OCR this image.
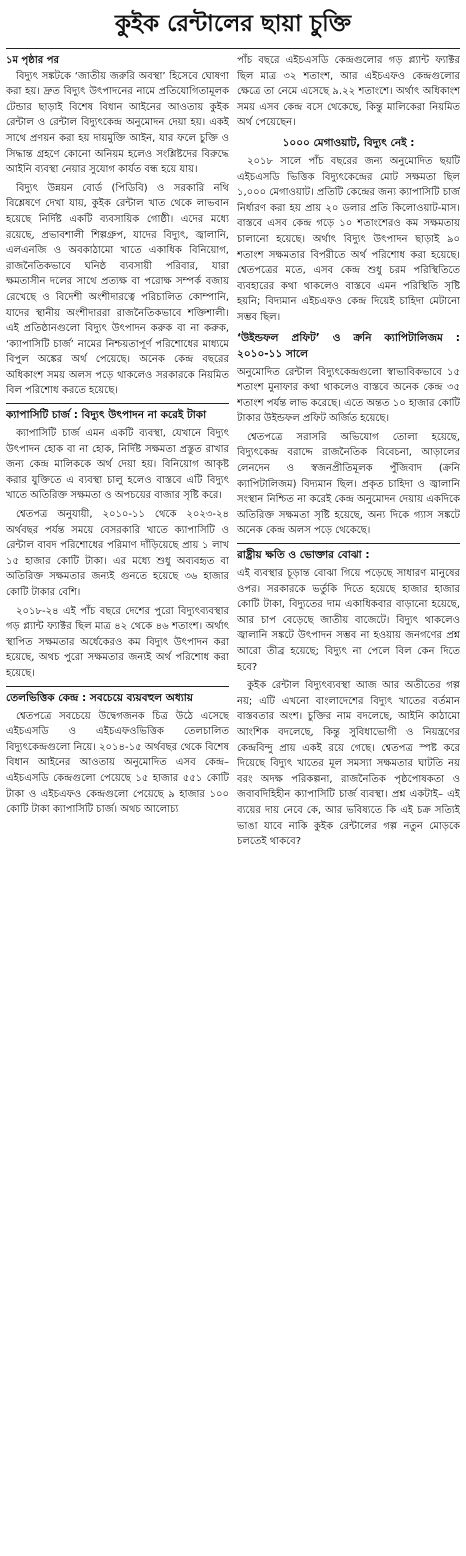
কুইক রেন্টালের ছায়া চুক্তি
১ম পৃষ্ঠার পর

বিদ্যুৎ সঙ্কটকে ‘জাতীয় জরুরি অবস্থা’ হিসেবে ঘোষণা করা হয়। দ্রুত বিদ্যুৎ উৎপাদনের নামে প্রতিযোগিতামূলক টেন্ডার ছাড়াই বিশেষ বিধান আইনের আওতায় কুইক রেন্টাল ও রেন্টাল বিদ্যুৎকেন্দ্র অনুমোদন দেয়া হয়। একই সাথে প্রণয়ন করা হয় দায়মুক্তি আইন, যার ফলে চুক্তি ও সিদ্ধান্ত গ্রহণে কোনো অনিয়ম হলেও সংশ্লিষ্টদের বিরুদ্ধে আইনি ব্যবস্থা নেয়ার সুযোগ কার্যত বন্ধ হয়ে যায়।

বিদ্যুৎ উন্নয়ন বোর্ড (পিডিবি) ও সরকারি নথি বিশ্লেষণে দেখা যায়, কুইক রেন্টাল খাত থেকে লাভবান হয়েছে নির্দিষ্ট একটি ব্যবসায়িক গোষ্ঠী। এদের মধ্যে রয়েছে, প্রভাবশালী শিল্পগ্রুপ, যাদের বিদ্যুৎ, জ্বালানি, এলএনজি ও অবকাঠামো খাতে একাধিক বিনিয়োগ, রাজনৈতিকভাবে ঘনিষ্ঠ ব্যবসায়ী পরিবার, যারা ক্ষমতাসীন দলের সাথে প্রত্যক্ষ বা পরোক্ষ সম্পর্ক বজায় রেখেছে ও বিদেশী অংশীদারত্বে পরিচালিত কোম্পানি, যাদের স্থানীয় অংশীদাররা রাজনৈতিকভাবে শক্তিশালী। এই প্রতিষ্ঠানগুলো বিদ্যুৎ উৎপাদন করুক বা না করুক, ‘ক্যাপাসিটি চার্জ’ নামের নিশ্চয়তাপূর্ণ পরিশোধের মাধ্যমে বিপুল অঙ্কের অর্থ পেয়েছে। অনেক কেন্দ্র বছরের অধিকাংশ সময় অলস পড়ে থাকলেও সরকারকে নিয়মিত বিল পরিশোধ করতে হয়েছে।

ক্যাপাসিটি চার্জ : বিদ্যুৎ উৎপাদন না করেই টাকা

ক্যাপাসিটি চার্জ এমন একটি ব্যবস্থা, যেখানে বিদ্যুৎ উৎপাদন হোক বা না হোক, নির্দিষ্ট সক্ষমতা প্রস্তুত রাখার জন্য কেন্দ্র মালিককে অর্থ দেয়া হয়। বিনিয়োগ আকৃষ্ট করার যুক্তিতে এ ব্যবস্থা চালু হলেও বাস্তবে এটি বিদ্যুৎ খাতে অতিরিক্ত সক্ষমতা ও অপচয়ের বাজার সৃষ্টি করে।

শ্বেতপত্র অনুযায়ী, ২০১০-১১ থেকে ২০২৩-২৪ অর্থবছর পর্যন্ত সময়ে বেসরকারি খাতে ক্যাপাসিটি ও রেন্টাল বাবদ পরিশোধের পরিমাণ দাঁড়িয়েছে প্রায় ১ লাখ ১৫ হাজার কোটি টাকা। এর মধ্যে শুধু অব্যবহৃত বা অতিরিক্ত সক্ষমতার জন্যই গুনতে হয়েছে ৩৬ হাজার কোটি টাকার বেশি।

২০১৮-২৪ এই পাঁচ বছরে দেশের পুরো বিদ্যুৎব্যবস্থার গড় প্ল্যান্ট ফ্যাক্টর ছিল মাত্র ৪২ থেকে ৪৬ শতাংশ। অর্থাৎ স্থাপিত সক্ষমতার অর্ধেকেরও কম বিদ্যুৎ উৎপাদন করা হয়েছে, অথচ পুরো সক্ষমতার জন্যই অর্থ পরিশোধ করা হয়েছে।

তেলভিত্তিক কেন্দ্র : সবচেয়ে ব্যয়বহুল অধ্যায়

শ্বেতপত্রে সবচেয়ে উদ্বেগজনক চিত্র উঠে এসেছে এইচএসডি ও এইচএফওভিত্তিক তেলচালিত বিদ্যুৎকেন্দ্রগুলো নিয়ে। ২০১৪-১৫ অর্থবছর থেকে বিশেষ বিধান আইনের আওতায় অনুমোদিত এসব কেন্দ্র–এইচএসডি কেন্দ্রগুলো পেয়েছে ১৫ হাজার ৫৫১ কোটি টাকা ও এইচএফও কেন্দ্রগুলো পেয়েছে ৯ হাজার ১০০ কোটি টাকা ক্যাপাসিটি চার্জ। অথচ আলোচ্য

পাঁচ বছরে এইচএসডি কেন্দ্রগুলোর গড় প্ল্যান্ট ফ্যাক্টর ছিল মাত্র ৩২ শতাংশ, আর এইচএফও কেন্দ্রগুলোর ক্ষেত্রে তা নেমে এসেছে ৯.২২ শতাংশে। অর্থাৎ অধিকাংশ সময় এসব কেন্দ্র বসে থেকেছে, কিন্তু মালিকেরা নিয়মিত অর্থ পেয়েছেন।

১০০০ মেগাওয়াট, বিদ্যুৎ নেই :

২০১৮ সালে পাঁচ বছরের জন্য অনুমোদিত ছয়টি এইচএসডি ভিত্তিক বিদ্যুৎকেন্দ্রের মোট সক্ষমতা ছিল ১,০০০ মেগাওয়াট। প্রতিটি কেন্দ্রের জন্য ক্যাপাসিটি চার্জ নির্ধারণ করা হয় প্রায় ২০ ডলার প্রতি কিলোওয়াট-মাস। বাস্তবে এসব কেন্দ্র গড়ে ১০ শতাংশেরও কম সক্ষমতায় চালানো হয়েছে। অর্থাৎ বিদ্যুৎ উৎপাদন ছাড়াই ৯০ শতাংশ সক্ষমতার বিপরীতে অর্থ পরিশোধ করা হয়েছে। শ্বেতপত্রের মতে, এসব কেন্দ্র শুধু চরম পরিস্থিতিতে ব্যবহারের কথা থাকলেও বাস্তবে এমন পরিস্থিতি সৃষ্টি হয়নি; বিদ্যমান এইচএফও কেন্দ্র দিয়েই চাহিদা মেটানো সম্ভব ছিল।

‘উইন্ডফল প্রফিট’ ও ক্রনি ক্যাপিটালিজম : ২০১০-১১ সালে

অনুমোদিত রেন্টাল বিদ্যুৎকেন্দ্রগুলো স্বাভাবিকভাবে ১৫ শতাংশ মুনাফার কথা থাকলেও বাস্তবে অনেক কেন্দ্র ৩৫ শতাংশ পর্যন্ত লাভ করেছে। এতে অন্তত ১০ হাজার কোটি টাকার উইন্ডফল প্রফিট অর্জিত হয়েছে।

শ্বেতপত্রে সরাসরি অভিযোগ তোলা হয়েছে, বিদ্যুৎকেন্দ্র বরাদ্দে রাজনৈতিক বিবেচনা, আড়ালের লেনদেন ও স্বজনপ্রীতিমূলক পুঁজিবাদ (ক্রনি ক্যাপিটালিজম) বিদ্যমান ছিল। প্রকৃত চাহিদা ও জ্বালানি সংস্থান নিশ্চিত না করেই কেন্দ্র অনুমোদন দেয়ায় একদিকে অতিরিক্ত সক্ষমতা সৃষ্টি হয়েছে, অন্য দিকে গ্যাস সঙ্কটে অনেক কেন্দ্র অলস পড়ে থেকেছে।

রাষ্ট্রীয় ক্ষতি ও ভোক্তার বোঝা :

এই ব্যবস্থার চূড়ান্ত বোঝা গিয়ে পড়েছে সাধারণ মানুষের ওপর। সরকারকে ভর্তুকি দিতে হয়েছে হাজার হাজার কোটি টাকা, বিদ্যুতের দাম একাধিকবার বাড়ানো হয়েছে, আর চাপ বেড়েছে জাতীয় বাজেটে। বিদ্যুৎ থাকলেও জ্বালানি সঙ্কটে উৎপাদন সম্ভব না হওয়ায় জনগণের প্রশ্ন আরো তীব্র হয়েছে; বিদ্যুৎ না পেলে বিল কেন দিতে হবে?

কুইক রেন্টাল বিদ্যুৎব্যবস্থা আজ আর অতীতের গল্প নয়; এটি এখনো বাংলাদেশের বিদ্যুৎ খাতের বর্তমান বাস্তবতার অংশ। চুক্তির নাম বদলেছে, আইনি কাঠামো আংশিক বদলেছে, কিন্তু সুবিধাভোগী ও নিয়ন্ত্রণের কেন্দ্রবিন্দু প্রায় একই রয়ে গেছে। শ্বেতপত্র স্পষ্ট করে দিয়েছে বিদ্যুৎ খাতের মূল সমস্যা সক্ষমতার ঘাটতি নয় বরং অদক্ষ পরিকল্পনা, রাজনৈতিক পৃষ্ঠপোষকতা ও জবাবদিহিহীন ক্যাপাসিটি চার্জ ব্যবস্থা। প্রশ্ন একটাই– এই ব্যয়ের দায় নেবে কে, আর ভবিষ্যতে কি এই চক্র সত্যিই ভাঙা যাবে নাকি কুইক রেন্টালের গল্প নতুন মোড়কে চলতেই থাকবে?
